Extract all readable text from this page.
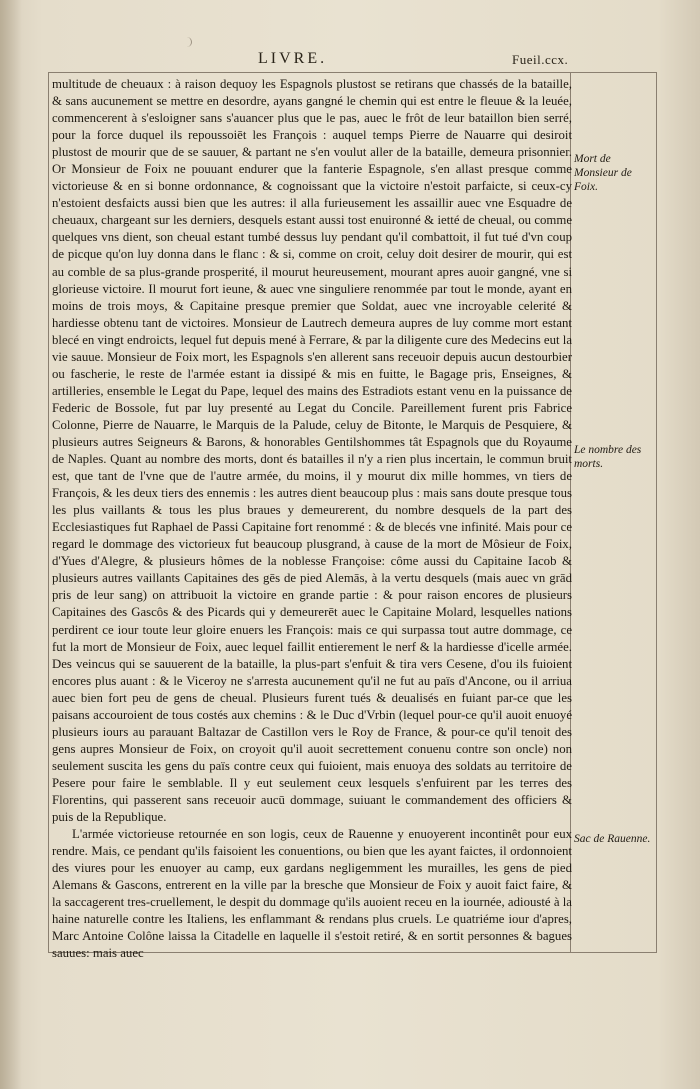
LIVRE.	Fueil.ccx.

multitude de cheuaux : à raison dequoy les Espagnols plustost se retirans que chassés de la bataille, & sans aucunement se mettre en desordre, ayans gangné le chemin qui est entre le fleuue & la leuée, commencerent à s'esloigner sans s'auancer plus que le pas, auec le frôt de leur bataillon bien serré, pour la force duquel ils repoussoiēt les François : auquel temps Pierre de Nauarre qui desiroit plustost de mourir que de se sauuer, & partant ne s'en voulut aller de la bataille, demeura prisonnier. Or Monsieur de Foix ne pouuant endurer que la fanterie Espagnole, s'en allast presque comme victorieuse & en si bonne ordonnance, & cognoissant que la victoire n'estoit parfaicte, si ceux-cy n'estoient desfaicts aussi bien que les autres: il alla furieusement les assaillir auec vne Esquadre de cheuaux, chargeant sur les derniers, desquels estant aussi tost enuironné & ietté de cheual, ou comme quelques vns dient, son cheual estant tumbé dessus luy pendant qu'il combattoit, il fut tué d'vn coup de picque qu'on luy donna dans le flanc : & si, comme on croit, celuy doit desirer de mourir, qui est au comble de sa plus-grande prosperité, il mourut heureusement, mourant apres auoir gangné, vne si glorieuse victoire. Il mourut fort ieune, & auec vne singuliere renommée par tout le monde, ayant en moins de trois moys, & Capitaine presque premier que Soldat, auec vne incroyable celerité & hardiesse obtenu tant de victoires. Monsieur de Lautrech demeura aupres de luy comme mort estant blecé en vingt endroicts, lequel fut depuis mené à Ferrare, & par la diligente cure des Medecins eut la vie sauue. Monsieur de Foix mort, les Espagnols s'en allerent sans receuoir depuis aucun destourbier ou fascherie, le reste de l'armée estant ia dissipé & mis en fuitte, le Bagage pris, Enseignes, & artilleries, ensemble le Legat du Pape, lequel des mains des Estradiots estant venu en la puissance de Federic de Bossole, fut par luy presenté au Legat du Concile. Pareillement furent pris Fabrice Colonne, Pierre de Nauarre, le Marquis de la Palude, celuy de Bitonte, le Marquis de Pesquiere, & plusieurs autres Seigneurs & Barons, & honorables Gentilshommes tât Espagnols que du Royaume de Naples. Quant au nombre des morts, dont és batailles il n'y a rien plus incertain, le commun bruit est, que tant de l'vne que de l'autre armée, du moins, il y mourut dix mille hommes, vn tiers de François, & les deux tiers des ennemis : les autres dient beaucoup plus : mais sans doute presque tous les plus vaillants & tous les plus braues y demeurerent, du nombre desquels de la part des Ecclesiastiques fut Raphael de Passi Capitaine fort renommé : & de blecés vne infinité. Mais pour ce regard le dommage des victorieux fut beaucoup plusgrand, à cause de la mort de Môsieur de Foix, d'Yues d'Alegre, & plusieurs hômes de la noblesse Françoise: côme aussi du Capitaine Iacob & plusieurs autres vaillants Capitaines des gēs de pied Alemās, à la vertu desquels (mais auec vn grād pris de leur sang) on attribuoit la victoire en grande partie : & pour raison encores de plusieurs Capitaines des Gascôs & des Picards qui y demeurerēt auec le Capitaine Molard, lesquelles nations perdirent ce iour toute leur gloire enuers les François: mais ce qui surpassa tout autre dommage, ce fut la mort de Monsieur de Foix, auec lequel faillit entierement le nerf & la hardiesse d'icelle armée. Des veincus qui se sauuerent de la bataille, la plus-part s'enfuit & tira vers Cesene, d'ou ils fuioient encores plus auant : & le Viceroy ne s'arresta aucunement qu'il ne fut au païs d'Ancone, ou il arriua auec bien fort peu de gens de cheual. Plusieurs furent tués & deualisés en fuiant par-ce que les paisans accouroient de tous costés aux chemins : & le Duc d'Vrbin (lequel pour-ce qu'il auoit enuoyé plusieurs iours au parauant Baltazar de Castillon vers le Roy de France, & pour-ce qu'il tenoit des gens aupres Monsieur de Foix, on croyoit qu'il auoit secrettement conuenu contre son oncle) non seulement suscita les gens du païs contre ceux qui fuioient, mais enuoya des soldats au territoire de Pesere pour faire le semblable. Il y eut seulement ceux lesquels s'enfuirent par les terres des Florentins, qui passerent sans receuoir aucū dommage, suiuant le commandement des officiers & puis de la Republique.

L'armée victorieuse retournée en son logis, ceux de Rauenne y enuoyerent incontinêt pour eux rendre. Mais, ce pendant qu'ils faisoient les conuentions, ou bien que les ayant faictes, il ordonnoient des viures pour les enuoyer au camp, eux gardans negligemment les murailles, les gens de pied Alemans & Gascons, entrerent en la ville par la bresche que Monsieur de Foix y auoit faict faire, & la saccagerent tres-cruellement, le despit du dommage qu'ils auoient receu en la iournée, adiousté à la haine naturelle contre les Italiens, les enflammant & rendans plus cruels. Le quatriéme iour d'apres, Marc Antoine Colône laissa la Citadelle en laquelle il s'estoit retiré, & en sortit personnes & bagues sauues: mais auec

Mort de Monsieur de Foix.
Le nombre des morts.
Sac de Rauenne.
